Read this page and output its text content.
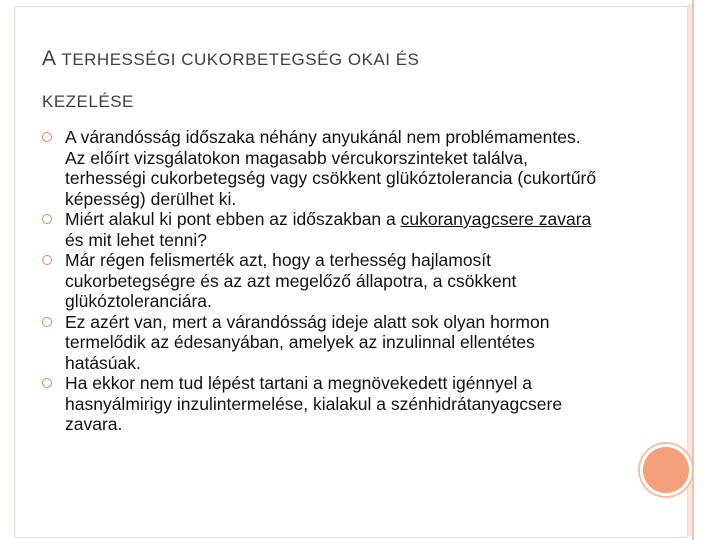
A TERHESSÉGI CUKORBETEGSÉG OKAI ÉS
KEZELÉSE
A várandósság időszaka néhány anyukánál nem problémamentes. Az előírt vizsgálatokon magasabb vércukorszinteket találva, terhességi cukorbetegség vagy csökkent glükóztolerancia (cukortűrő képesség) derülhet ki.
Miért alakul ki pont ebben az időszakban a cukoranyagcsere zavara és mit lehet tenni?
Már régen felismerték azt, hogy a terhesség hajlamosít cukorbetegségre és az azt megelőző állapotra, a csökkent glükóztoleranciára.
Ez azért van, mert a várandósság ideje alatt sok olyan hormon termelődik az édesanyában, amelyek az inzulinnal ellentétes hatásúak.
Ha ekkor nem tud lépést tartani a megnövekedett igénnyel a hasnyálmirigy inzulintermelése, kialakul a szénhidrátanyagcsere zavara.
